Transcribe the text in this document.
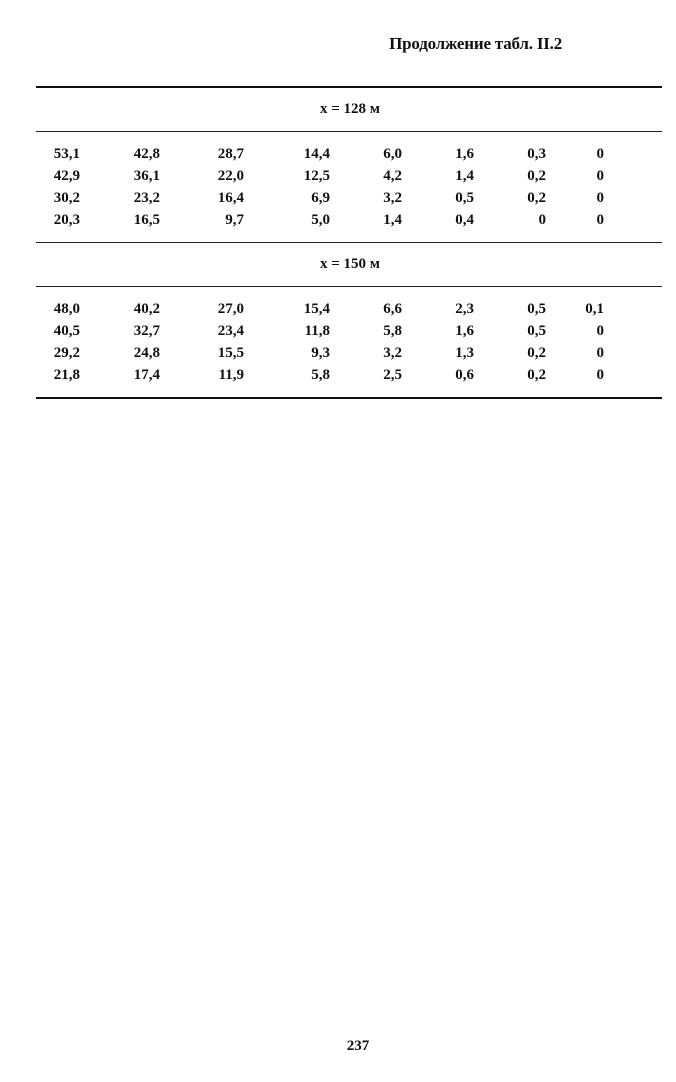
Продолжение табл. II.2
x = 128 м
53,1	42,8	28,7	14,4	6,0	1,6	0,3	0
42,9	36,1	22,0	12,5	4,2	1,4	0,2	0
30,2	23,2	16,4	6,9	3,2	0,5	0,2	0
20,3	16,5	9,7	5,0	1,4	0,4	0	0
x = 150 м
48,0	40,2	27,0	15,4	6,6	2,3	0,5	0,1
40,5	32,7	23,4	11,8	5,8	1,6	0,5	0
29,2	24,8	15,5	9,3	3,2	1,3	0,2	0
21,8	17,4	11,9	5,8	2,5	0,6	0,2	0
237
